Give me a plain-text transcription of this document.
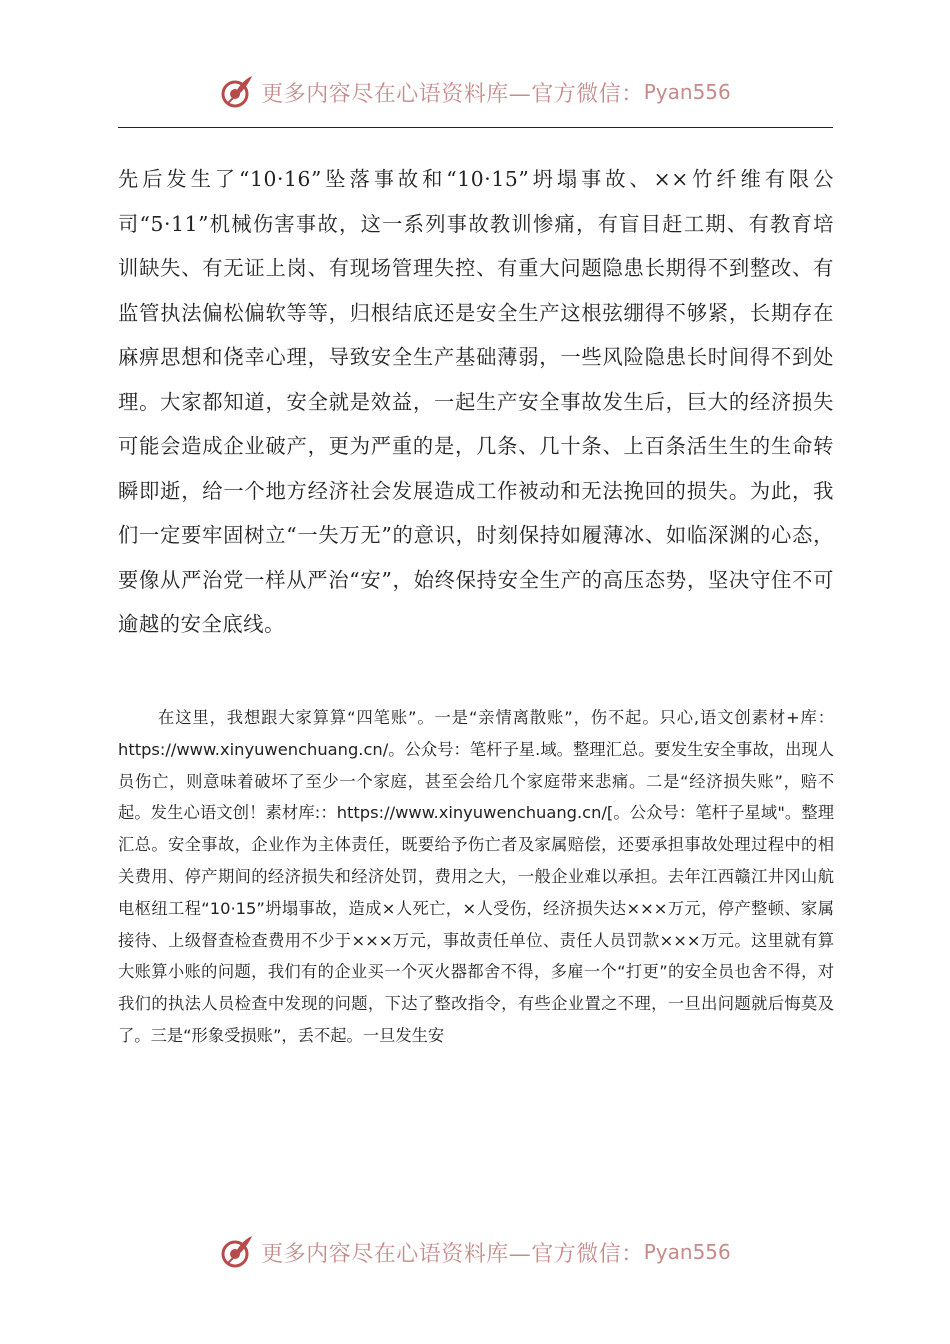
更多内容尽在心语资料库—官方微信： Pyan556

先后发生了“10·16”坠落事故和“10·15”坍塌事故、××竹纤维有限公司“5·11”机械伤害事故，这一系列事故教训惨痛，有盲目赶工期、有教育培训缺失、有无证上岗、有现场管理失控、有重大问题隐患长期得不到整改、有监管执法偏松偏软等等，归根结底还是安全生产这根弦绷得不够紧，长期存在麻痹思想和侥幸心理，导致安全生产基础薄弱，一些风险隐患长时间得不到处理。大家都知道，安全就是效益，一起生产安全事故发生后，巨大的经济损失可能会造成企业破产，更为严重的是，几条、几十条、上百条活生生的生命转瞬即逝，给一个地方经济社会发展造成工作被动和无法挽回的损失。为此，我们一定要牢固树立“一失万无”的意识，时刻保持如履薄冰、如临深渊的心态，要像从严治党一样从严治“安”，始终保持安全生产的高压态势，坚决守住不可逾越的安全底线。

在这里，我想跟大家算算“四笔账”。一是“亲情离散账”，伤不起。只心,语文创素材+库：https://www.xinyuwenchuang.cn/。公众号：笔杆子星.域。整理汇总。要发生安全事故，出现人员伤亡，则意味着破坏了至少一个家庭，甚至会给几个家庭带来悲痛。二是“经济损失账”，赔不起。发生心语文创！素材库:：https://www.xinyuwenchuang.cn/[。公众号：笔杆子星域"。整理汇总。安全事故，企业作为主体责任，既要给予伤亡者及家属赔偿，还要承担事故处理过程中的相关费用、停产期间的经济损失和经济处罚，费用之大，一般企业难以承担。去年江西赣江井冈山航电枢纽工程“10·15”坍塌事故，造成×人死亡，×人受伤，经济损失达×××万元，停产整顿、家属接待、上级督查检查费用不少于×××万元，事故责任单位、责任人员罚款×××万元。这里就有算大账算小账的问题，我们有的企业买一个灭火器都舍不得，多雇一个“打更”的安全员也舍不得，对我们的执法人员检查中发现的问题，下达了整改指令，有些企业置之不理，一旦出问题就后悔莫及了。三是“形象受损账”，丢不起。一旦发生安

更多内容尽在心语资料库—官方微信： Pyan556
